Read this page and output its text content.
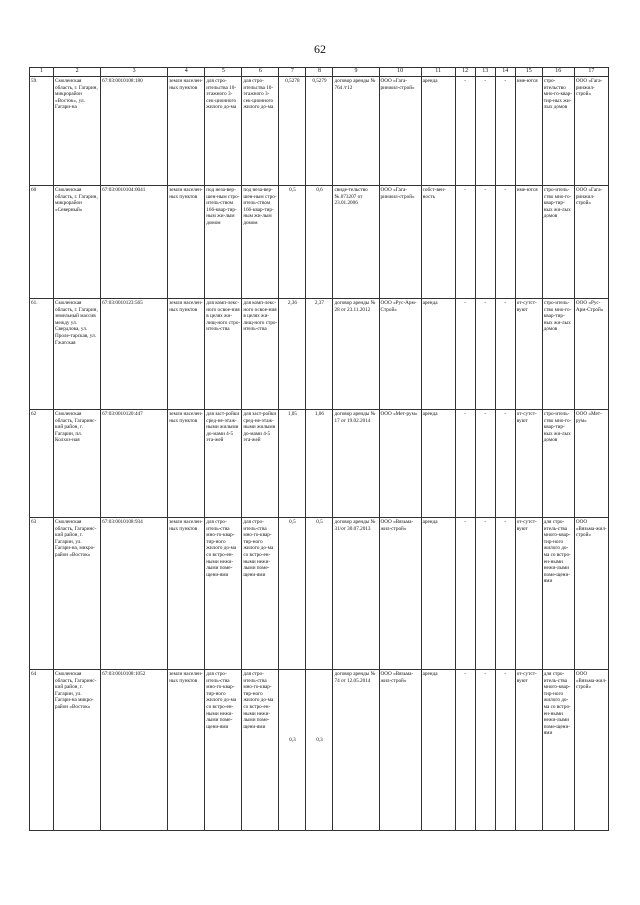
62
1	2	3	4	5	6	7	8	9	10	11	12	13	14	15	16	17
59.	Смоленская область, г. Гагарин, микрорайон «Восток», ул. Гагари-на	67:03:0010108:180	земли населен-ных пунктов	для стро-ительства 10-этажного 3-сек-ционного жилого до-ма	для стро-ительства 10-этажного 3-сек-ционного жилого до-ма	0,5278	0,5279	договор аренды № 764 /г12	ООО «Гага-ринжил-строй»	аренда	-	-	-	име-ются	стро-ительство мно-го-квар-тир-ных жи-лых домов	ООО «Гага-ринжил-строй»
60	Смоленская область, г. Гагарин, микрорайон «Северный»	67:03:0010104:0041	земли населен-ных пунктов	под неза-вер-шен-ным стро-итель-ством 166-квар-тир-ным жи-лым домом	под неза-вер-шен-ным стро-итель-ством 166-квар-тир-ным жи-лым домом	0,5	0,6	свиде-тельство №.073207 от 23.01.2006	ООО «Гага-ринжил-строй»	собст-вен-ность	-	-	-	име-ются	стро-итель-ство мно-го-квар-тир-ных жи-лых домов	ООО «Гага-ринжил-строй»
61.	Смоленская область, г. Гагарин, земельный массив между ул. Свердлова, ул. Проле-тарская, ул. Гжатская	67:03:0010123:565	земли населен-ных пунктов	для комп-лекс-ного освое-ния в целях жи-лищ-ного стро-итель-ства	для комп-лекс-ного освое-ния в целях жи-лищ-ного стро-итель-ства	2,36	2,37	договор аренды № 28 от 23.11.2012	ООО «Рус-Арм-Строй»	аренда	-	-	-	от-сутст-вуют	стро-итель-ство мно-го-квар-тир-ных жи-лых домов	ООО «Рус-Арм-Строй»
62	Смоленская область, Гагаринс-кий район, г. Гагарин, пл. Колхоз-ная	67:03:0010120:447	земли населен-ных пунктов	для заст-ройки сред-не-этаж-ными жилыми до-мами 4-5 эта-жей	для заст-ройки сред-не-этаж-ными жилыми до-мами 4-5 эта-жей	1,05	1,06	договор аренды № 17 от 19.02.2014	ООО «Мет-рум»	аренда	-	-	-	от-сутст-вуют	стро-итель-ство мно-го-квар-тир-ных жи-лых домов	ООО «Мет-рум»
63	Смоленская область, Гагаринс-кий район, г. Гагарин, ул. Гагари-на, микро-район «Восток»	67:03:0010108:934	земли населен-ных пунктов	для стро-итель-ства мно-го-квар-тир-ного жилого до-ма со встро-ен-ными нежи-лыми поме-щени-ями	для стро-итель-ства мно-го-квар-тир-ного жилого до-ма со встро-ен-ными нежи-лыми поме-щени-ями	0,5	0,5	договор аренды № 31/от 30.07.2013	ООО «Вязьма-жил-строй»	аренда	-	-	-	от-сутст-вуют	для стро-итель-ства много-квар-тир-ного жилого до-ма со встро-ен-ными нежи-лыми поме-щени-ями	ООО «Вязьма-жил-строй»
64	Смоленская область, Гагаринс-кий район, г. Гагарин, ул. Гагари-на микро-район «Восток»	67:03:0010108:1052	земли населен-ных пунктов	для стро-итель-ства мно-го-квар-тир-ного жилого до-ма со встро-ен-ными нежи-лыми поме-щени-ями	для стро-итель-ства мно-го-квар-тир-ного жилого до-ма со встро-ен-ными нежи-лыми поме-щени-ями	0,3	0,3	договор аренды № 74 от 12.05.2014	ООО «Вязьма-жил-строй»	аренда	-	-	-	от-сутст-вуют	для стро-итель-ства много-квар-тир-ного жилого до-ма со встро-ен-ными нежи-лыми поме-щени-ями	ООО «Вязьма-жил-строй»
